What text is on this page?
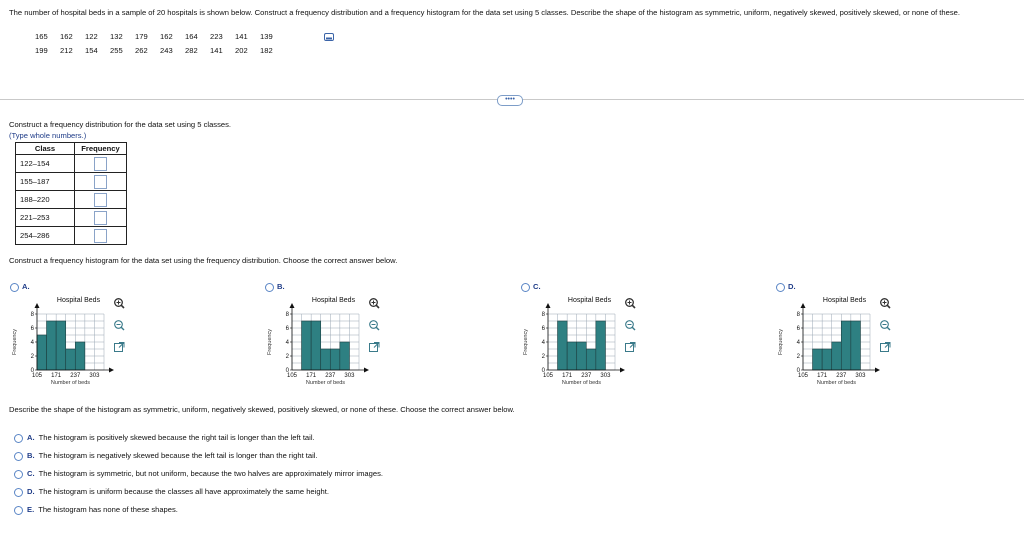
The number of hospital beds in a sample of 20 hospitals is shown below. Construct a frequency distribution and a frequency histogram for the data set using 5 classes. Describe the shape of the histogram as symmetric, uniform, negatively skewed, positively skewed, or none of these.
165 162 122 132 179 162 164 223 141 139
199 212 154 255 262 243 282 141 202 182
••••
Construct a frequency distribution for the data set using 5 classes.
(Type whole numbers.)
Class	Frequency
122–154	
155–187	
188–220	
221–253	
254–286	
Construct a frequency histogram for the data set using the frequency distribution. Choose the correct answer below.
A.
Hospital Beds
0
2
4
6
8
105 171 237 303
Number of beds
Frequency
B.
Hospital Beds
0
2
4
6
8
105 171 237 303
Number of beds
Frequency
C.
Hospital Beds
0
2
4
6
8
105 171 237 303
Number of beds
Frequency
D.
Hospital Beds
0
2
4
6
8
105 171 237 303
Number of beds
Frequency
Describe the shape of the histogram as symmetric, uniform, negatively skewed, positively skewed, or none of these. Choose the correct answer below.
A. The histogram is positively skewed because the right tail is longer than the left tail.
B. The histogram is negatively skewed because the left tail is longer than the right tail.
C. The histogram is symmetric, but not uniform, because the two halves are approximately mirror images.
D. The histogram is uniform because the classes all have approximately the same height.
E. The histogram has none of these shapes.
